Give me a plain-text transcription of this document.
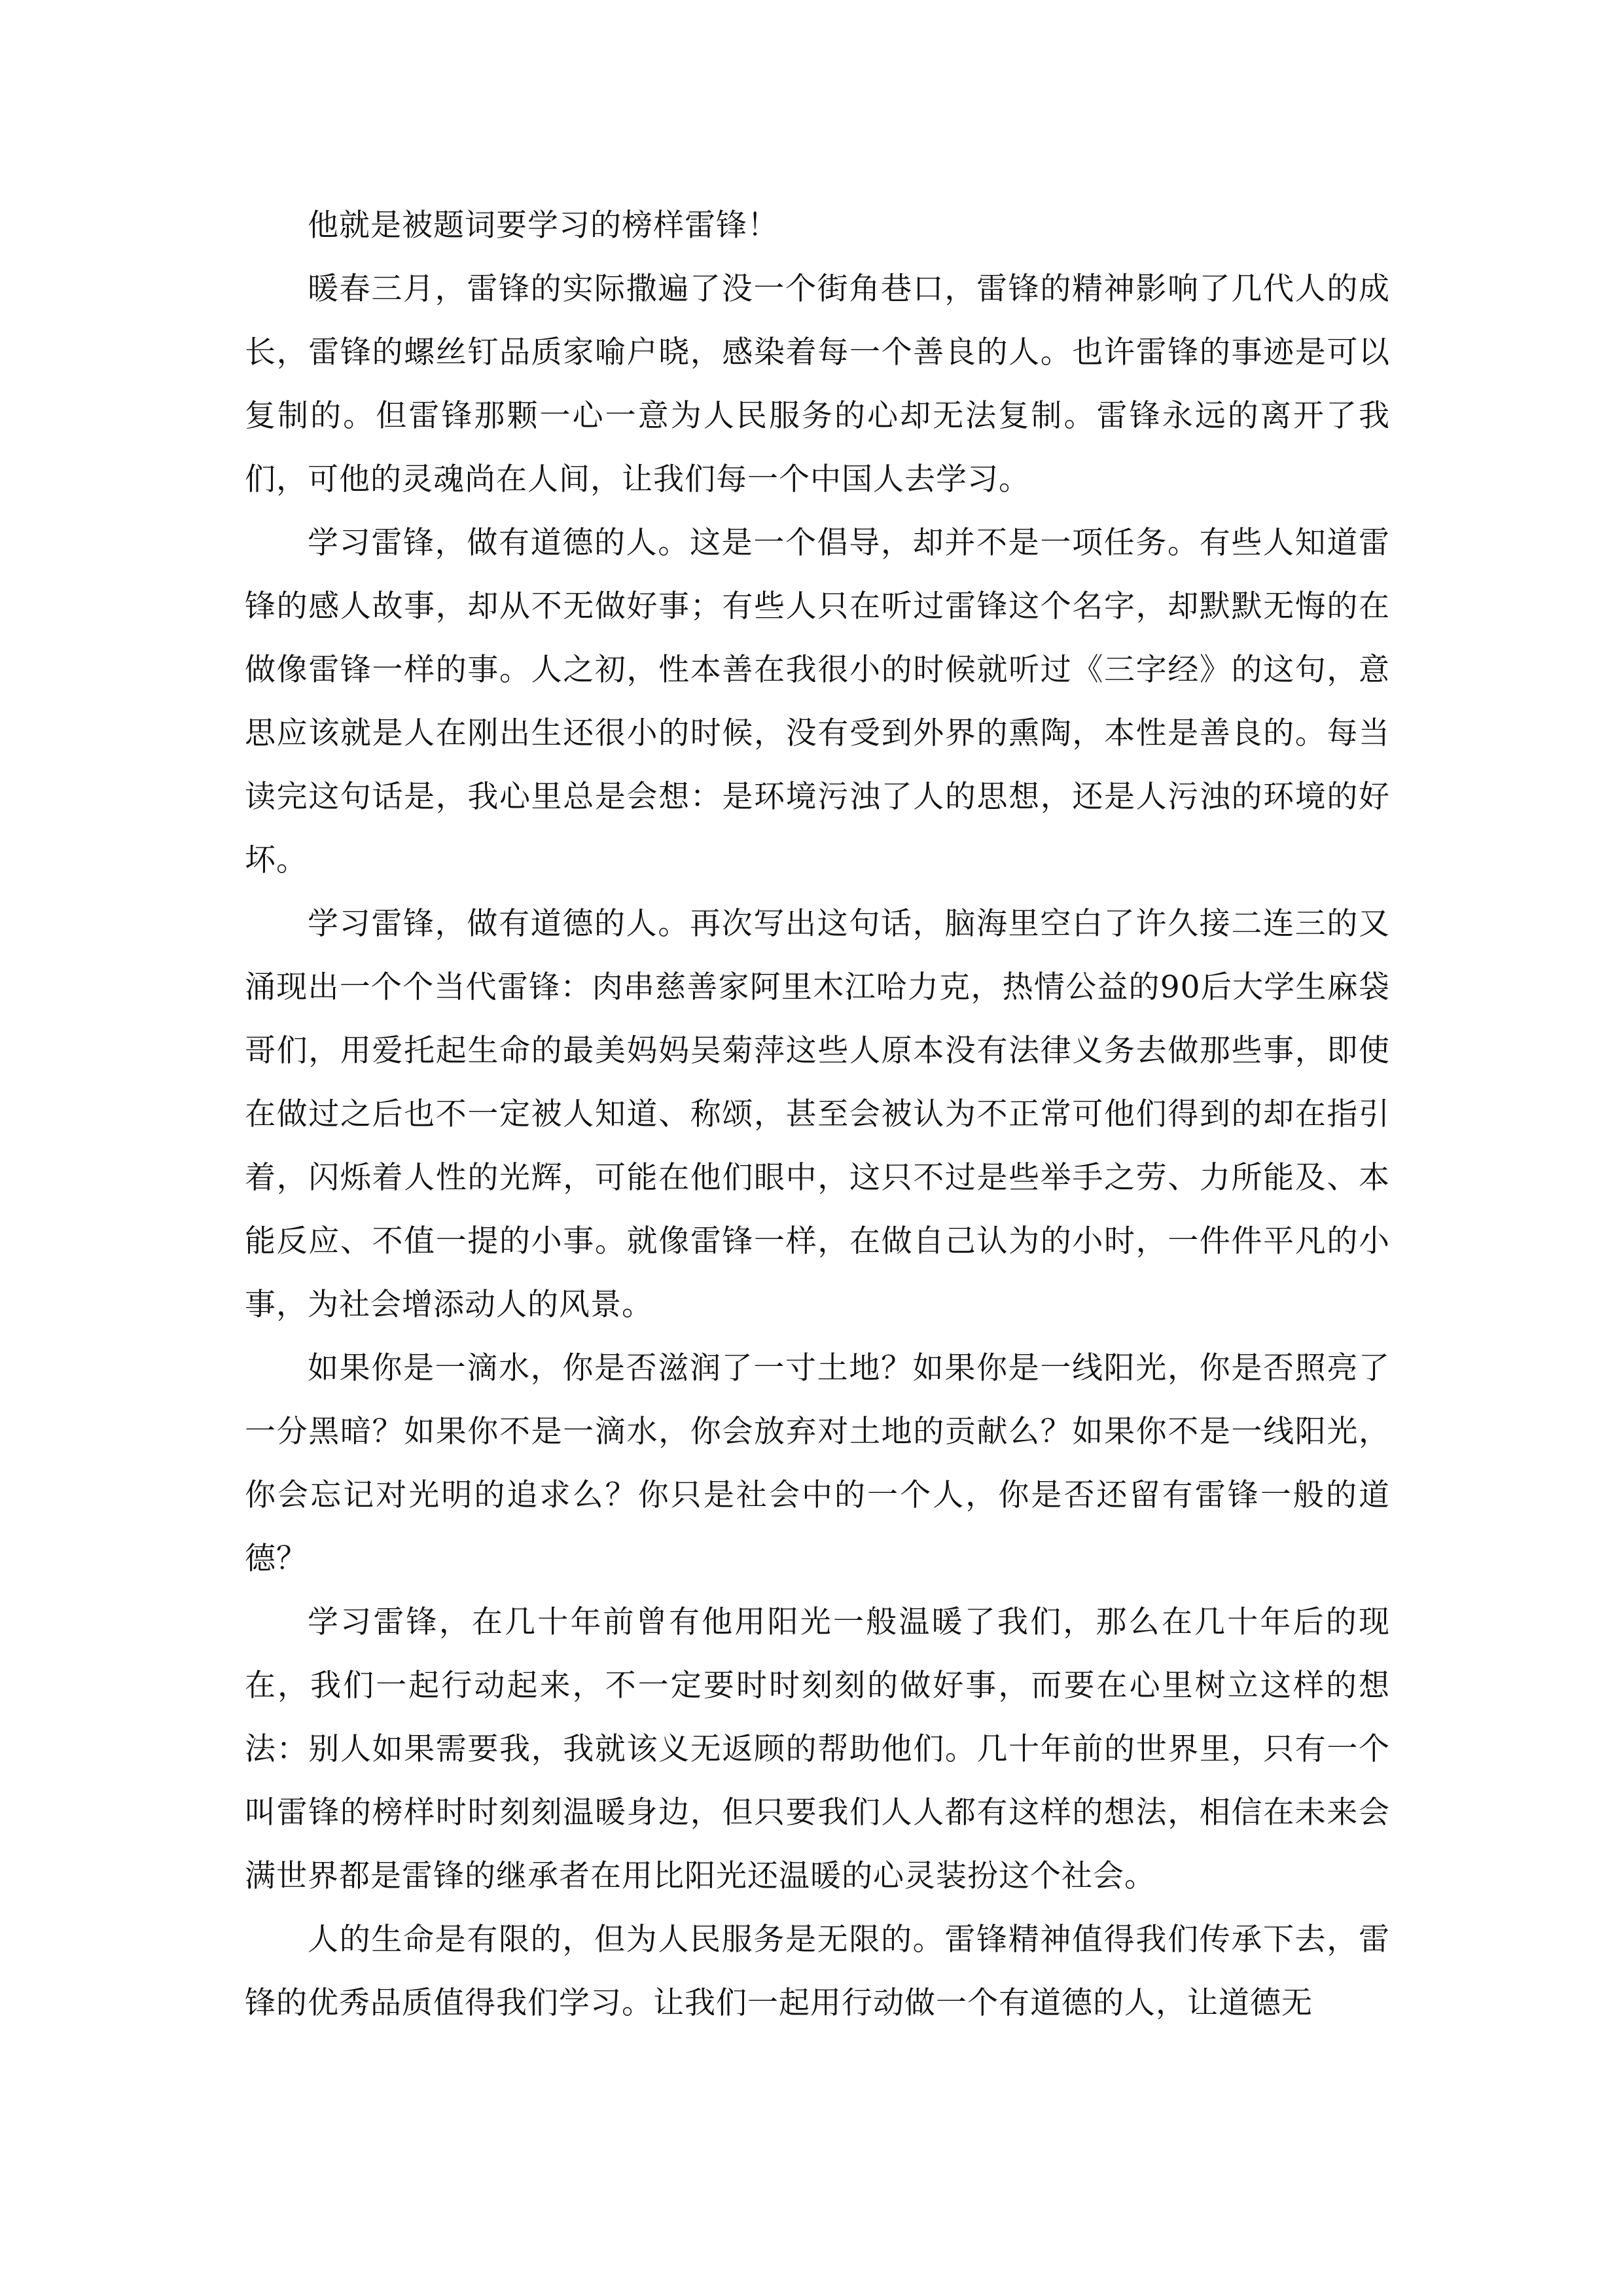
他就是被题词要学习的榜样雷锋！

暖春三月，雷锋的实际撒遍了没一个街角巷口，雷锋的精神影响了几代人的成长，雷锋的螺丝钉品质家喻户晓，感染着每一个善良的人。也许雷锋的事迹是可以复制的。但雷锋那颗一心一意为人民服务的心却无法复制。雷锋永远的离开了我们，可他的灵魂尚在人间，让我们每一个中国人去学习。

学习雷锋，做有道德的人。这是一个倡导，却并不是一项任务。有些人知道雷锋的感人故事，却从不无做好事；有些人只在听过雷锋这个名字，却默默无悔的在做像雷锋一样的事。人之初，性本善在我很小的时候就听过《三字经》的这句，意思应该就是人在刚出生还很小的时候，没有受到外界的熏陶，本性是善良的。每当读完这句话是，我心里总是会想：是环境污浊了人的思想，还是人污浊的环境的好坏。

学习雷锋，做有道德的人。再次写出这句话，脑海里空白了许久接二连三的又涌现出一个个当代雷锋：肉串慈善家阿里木江哈力克，热情公益的90后大学生麻袋哥们，用爱托起生命的最美妈妈吴菊萍这些人原本没有法律义务去做那些事，即使在做过之后也不一定被人知道、称颂，甚至会被认为不正常可他们得到的却在指引着，闪烁着人性的光辉，可能在他们眼中，这只不过是些举手之劳、力所能及、本能反应、不值一提的小事。就像雷锋一样，在做自己认为的小时，一件件平凡的小事，为社会增添动人的风景。

如果你是一滴水，你是否滋润了一寸土地？如果你是一线阳光，你是否照亮了一分黑暗？如果你不是一滴水，你会放弃对土地的贡献么？如果你不是一线阳光，你会忘记对光明的追求么？你只是社会中的一个人，你是否还留有雷锋一般的道德？

学习雷锋，在几十年前曾有他用阳光一般温暖了我们，那么在几十年后的现在，我们一起行动起来，不一定要时时刻刻的做好事，而要在心里树立这样的想法：别人如果需要我，我就该义无返顾的帮助他们。几十年前的世界里，只有一个叫雷锋的榜样时时刻刻温暖身边，但只要我们人人都有这样的想法，相信在未来会满世界都是雷锋的继承者在用比阳光还温暖的心灵装扮这个社会。

人的生命是有限的，但为人民服务是无限的。雷锋精神值得我们传承下去，雷锋的优秀品质值得我们学习。让我们一起用行动做一个有道德的人，让道德无
